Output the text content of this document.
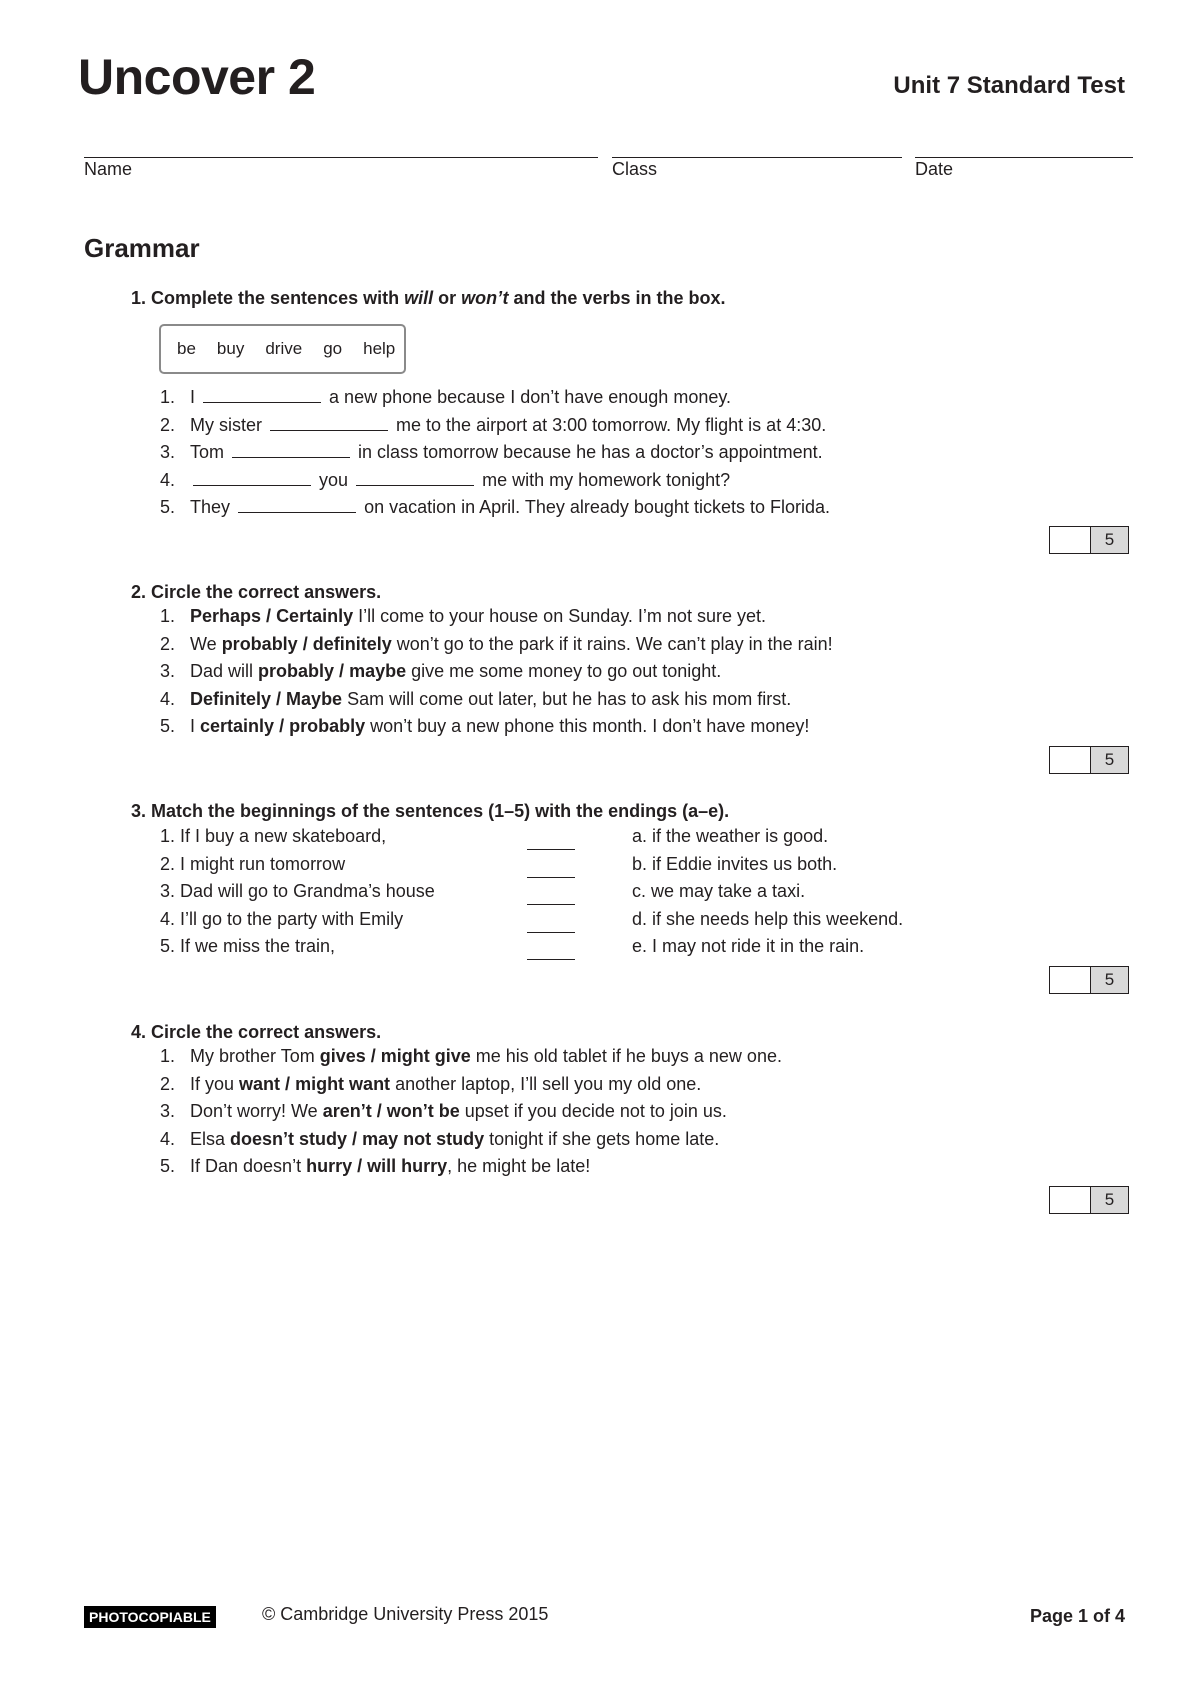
Uncover 2	Unit 7 Standard Test
Name	Class	Date
Grammar
1. Complete the sentences with will or won’t and the verbs in the box.
be buy drive go help
1. I	a new phone because I don’t have enough money.
2. My sister	me to the airport at 3:00 tomorrow. My flight is at 4:30.
3. Tom	in class tomorrow because he has a doctor’s appointment.
4.	you	me with my homework tonight?
5. They	on vacation in April. They already bought tickets to Florida.
5
2. Circle the correct answers.
1. Perhaps / Certainly I’ll come to your house on Sunday. I’m not sure yet.
2. We probably / definitely won’t go to the park if it rains. We can’t play in the rain!
3. Dad will probably / maybe give me some money to go out tonight.
4. Definitely / Maybe Sam will come out later, but he has to ask his mom first.
5. I certainly / probably won’t buy a new phone this month. I don’t have money!
5
3. Match the beginnings of the sentences (1–5) with the endings (a–e).
1. If I buy a new skateboard,	a. if the weather is good.
2. I might run tomorrow	b. if Eddie invites us both.
3. Dad will go to Grandma’s house	c. we may take a taxi.
4. I’ll go to the party with Emily	d. if she needs help this weekend.
5. If we miss the train,	e. I may not ride it in the rain.
5
4. Circle the correct answers.
1. My brother Tom gives / might give me his old tablet if he buys a new one.
2. If you want / might want another laptop, I’ll sell you my old one.
3. Don’t worry! We aren’t / won’t be upset if you decide not to join us.
4. Elsa doesn’t study / may not study tonight if she gets home late.
5. If Dan doesn’t hurry / will hurry, he might be late!
5
PHOTOCOPIABLE	© Cambridge University Press 2015	Page 1 of 4
